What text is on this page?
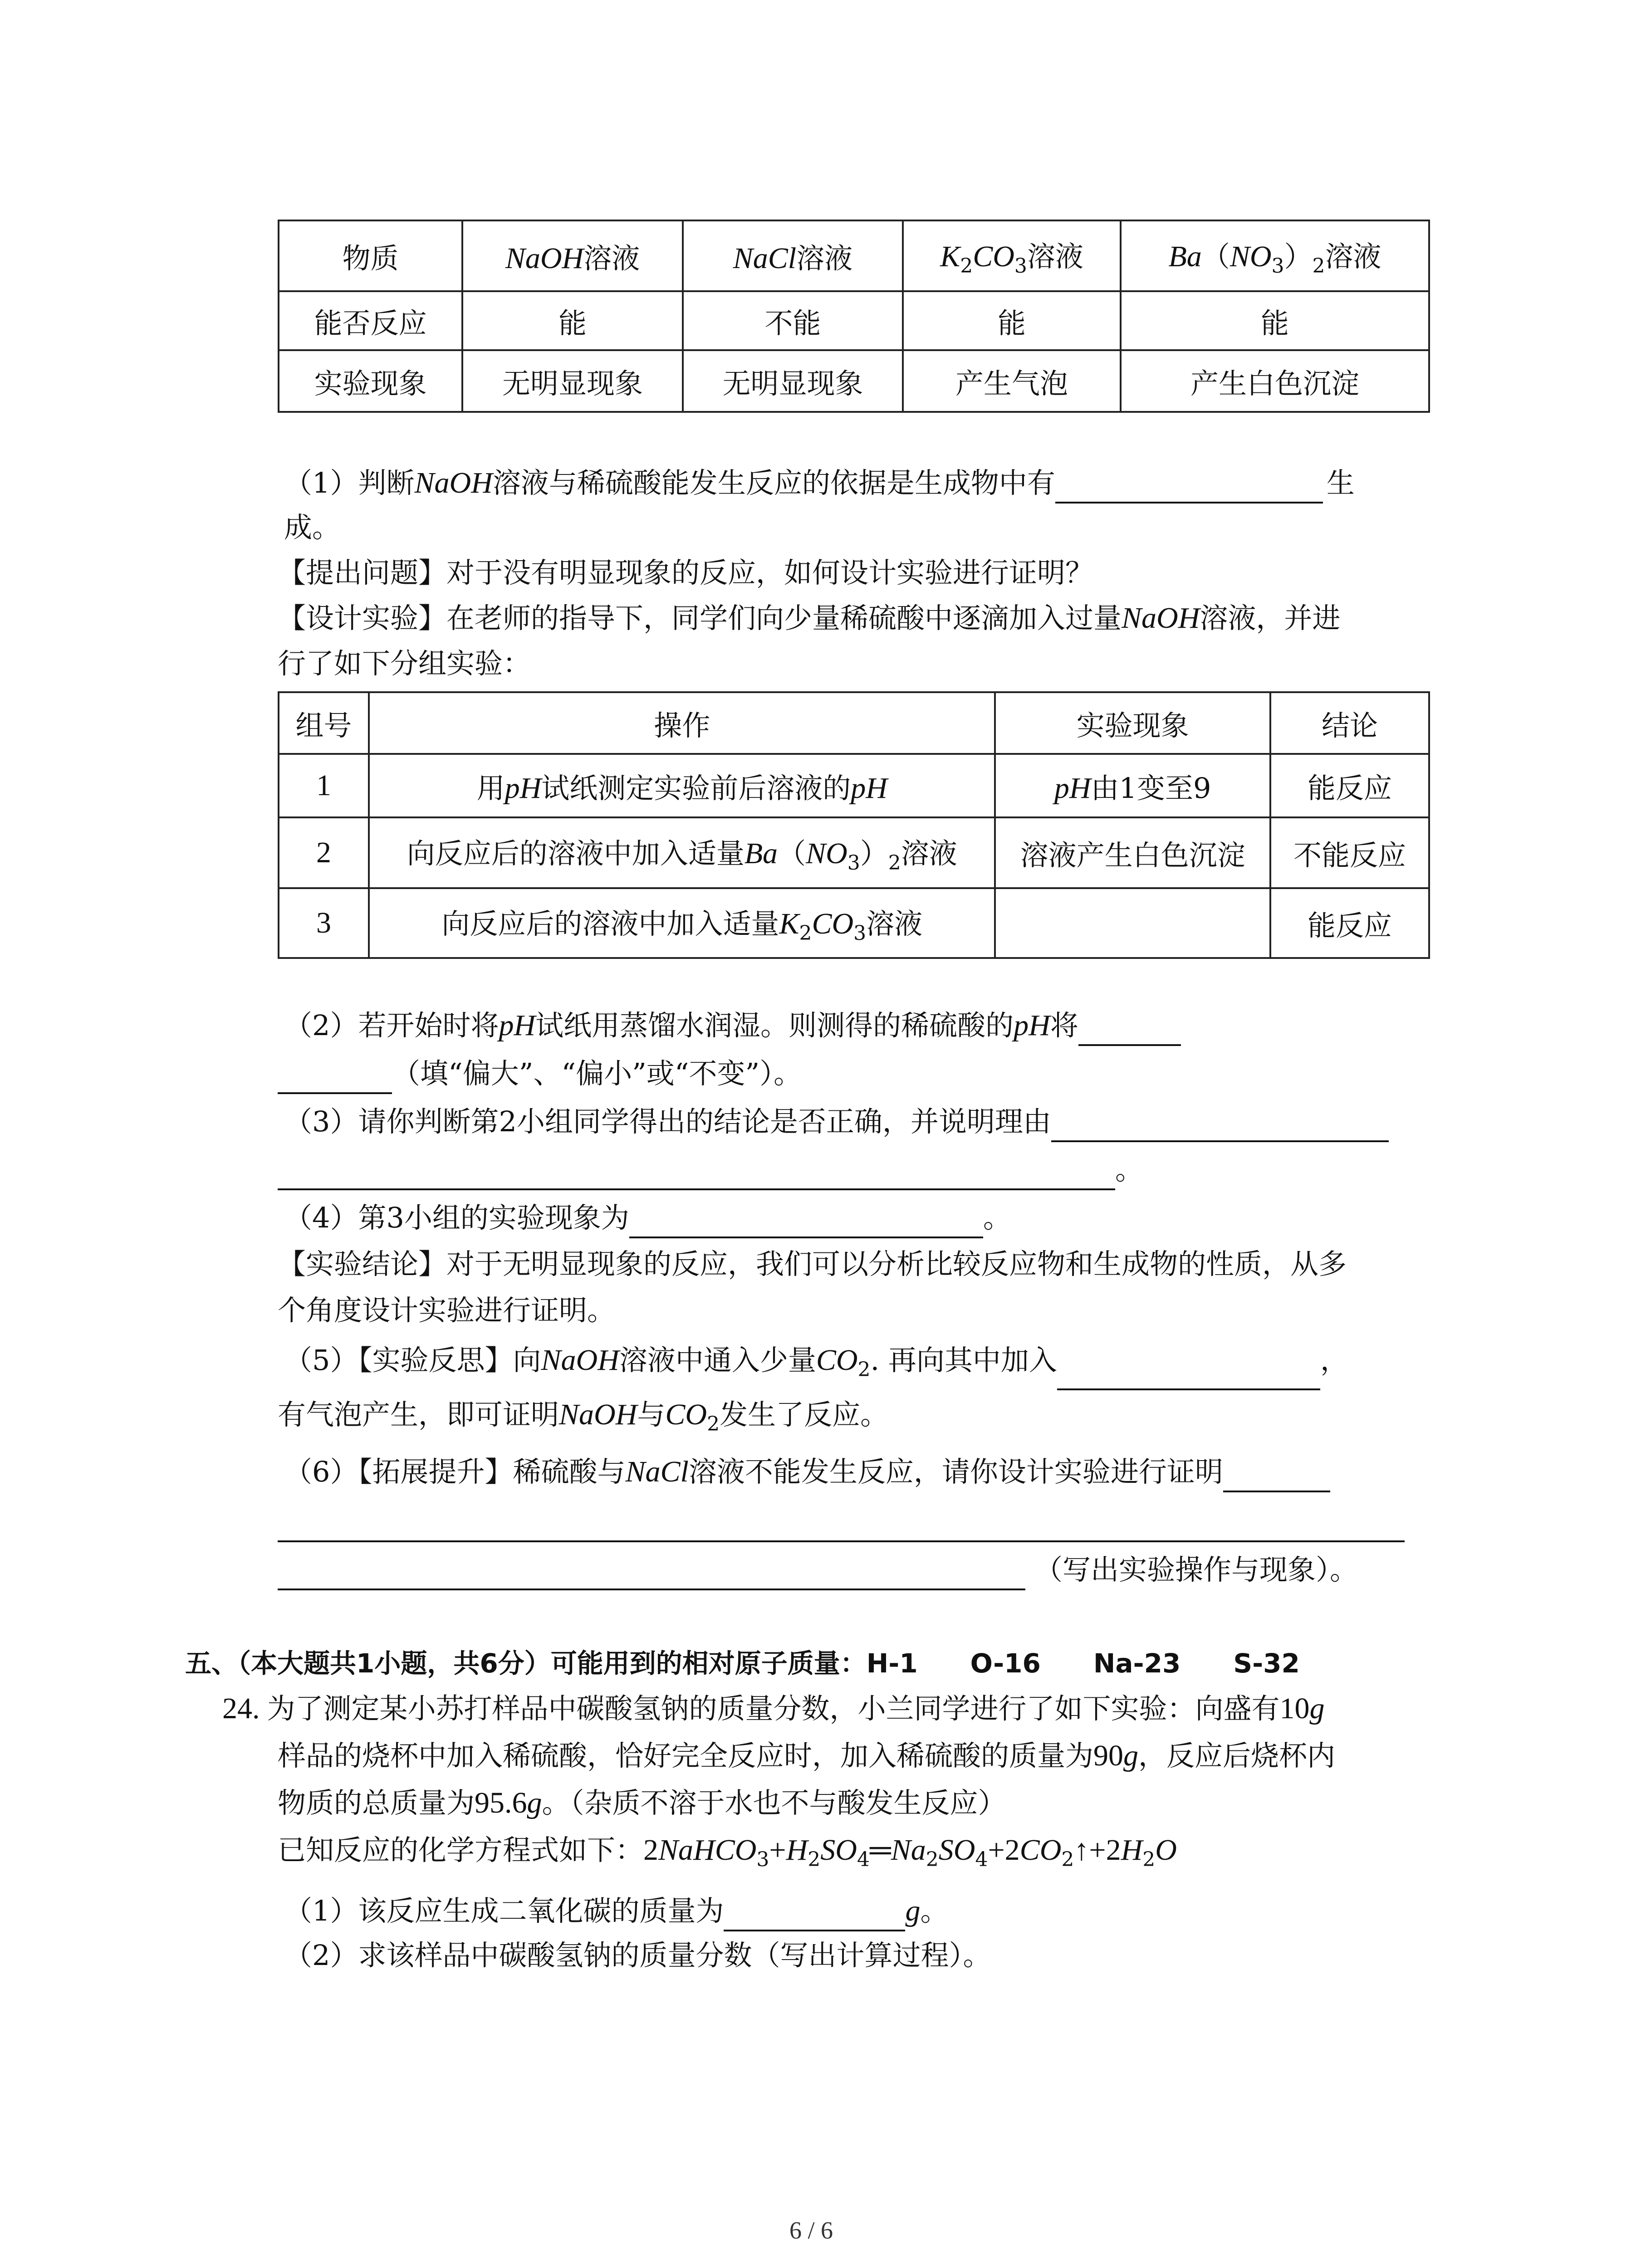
物质	NaOH溶液	NaCl溶液	$K_2CO_3$溶液	$Ba(NO_3)_2$溶液
能否反应	能	不能	能	能
实验现象	无明显现象	无明显现象	产生气泡	产生白色沉淀
（1）判断NaOH溶液与稀硫酸能发生反应的依据是生成物中有	生
成。
【提出问题】对于没有明显现象的反应，如何设计实验进行证明？
【设计实验】在老师的指导下，同学们向少量稀硫酸中逐滴加入过量NaOH溶液，并进
行了如下分组实验：
组号	操作	实验现象	结论
1	用pH试纸测定实验前后溶液的pH	pH由1变至9	能反应
2	向反应后的溶液中加入适量$Ba(NO_3)_2$溶液	溶液产生白色沉淀	不能反应
3	向反应后的溶液中加入适量$K_2CO_3$溶液		能反应
（2）若开始时将pH试纸用蒸馏水润湿。则测得的稀硫酸的pH将
（填“偏大”、“偏小”或“不变”）。
（3）请你判断第2小组同学得出的结论是否正确，并说明理由
。
（4）第3小组的实验现象为	。
【实验结论】对于无明显现象的反应，我们可以分析比较反应物和生成物的性质，从多
个角度设计实验进行证明。
（5）【实验反思】向NaOH溶液中通入少量$CO_2$. 再向其中加入	，
有气泡产生，即可证明NaOH与$CO_2$发生了反应。
（6）【拓展提升】稀硫酸与NaCl溶液不能发生反应，请你设计实验进行证明
（写出实验操作与现象）。
五、（本大题共1小题，共6分）可能用到的相对原子质量：H-1　　O-16　　Na-23　　S-32
24. 为了测定某小苏打样品中碳酸氢钠的质量分数，小兰同学进行了如下实验：向盛有10g
样品的烧杯中加入稀硫酸，恰好完全反应时，加入稀硫酸的质量为90g，反应后烧杯内
物质的总质量为95.6g。（杂质不溶于水也不与酸发生反应）
已知反应的化学方程式如下：$2NaHCO_3+H_2SO_4═Na_2SO_4+2CO_2↑+2H_2O$
（1）该反应生成二氧化碳的质量为	g。
（2）求该样品中碳酸氢钠的质量分数（写出计算过程）。
6 / 6
